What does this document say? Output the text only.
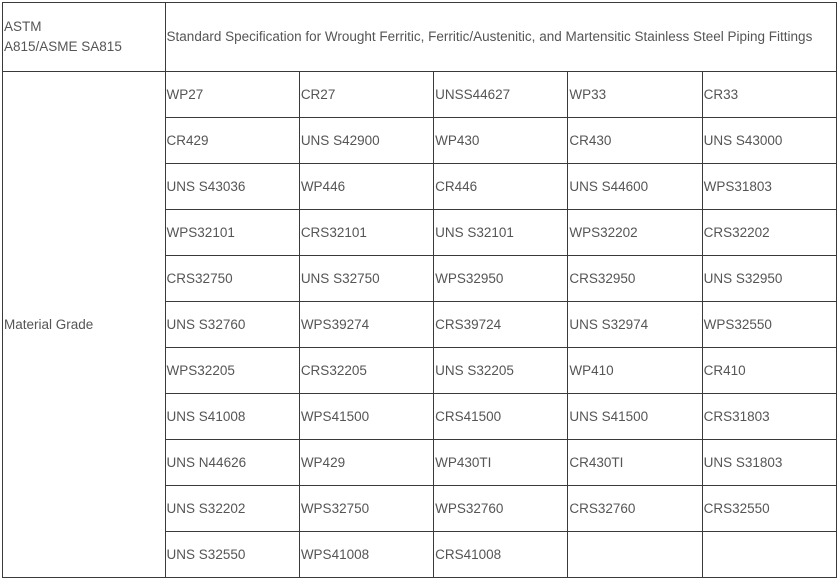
ASTM
A815/ASME SA815	Standard Specification for Wrought Ferritic, Ferritic/Austenitic, and Martensitic Stainless Steel Piping Fittings				
Material Grade	WP27	CR27	UNSS44627	WP33	CR33
	CR429	UNS S42900	WP430	CR430	UNS S43000
	UNS S43036	WP446	CR446	UNS S44600	WPS31803
	WPS32101	CRS32101	UNS S32101	WPS32202	CRS32202
	CRS32750	UNS S32750	WPS32950	CRS32950	UNS S32950
	UNS S32760	WPS39274	CRS39724	UNS S32974	WPS32550
	WPS32205	CRS32205	UNS S32205	WP410	CR410
	UNS S41008	WPS41500	CRS41500	UNS S41500	CRS31803
	UNS N44626	WP429	WP430TI	CR430TI	UNS S31803
	UNS S32202	WPS32750	WPS32760	CRS32760	CRS32550
	UNS S32550	WPS41008	CRS41008		
